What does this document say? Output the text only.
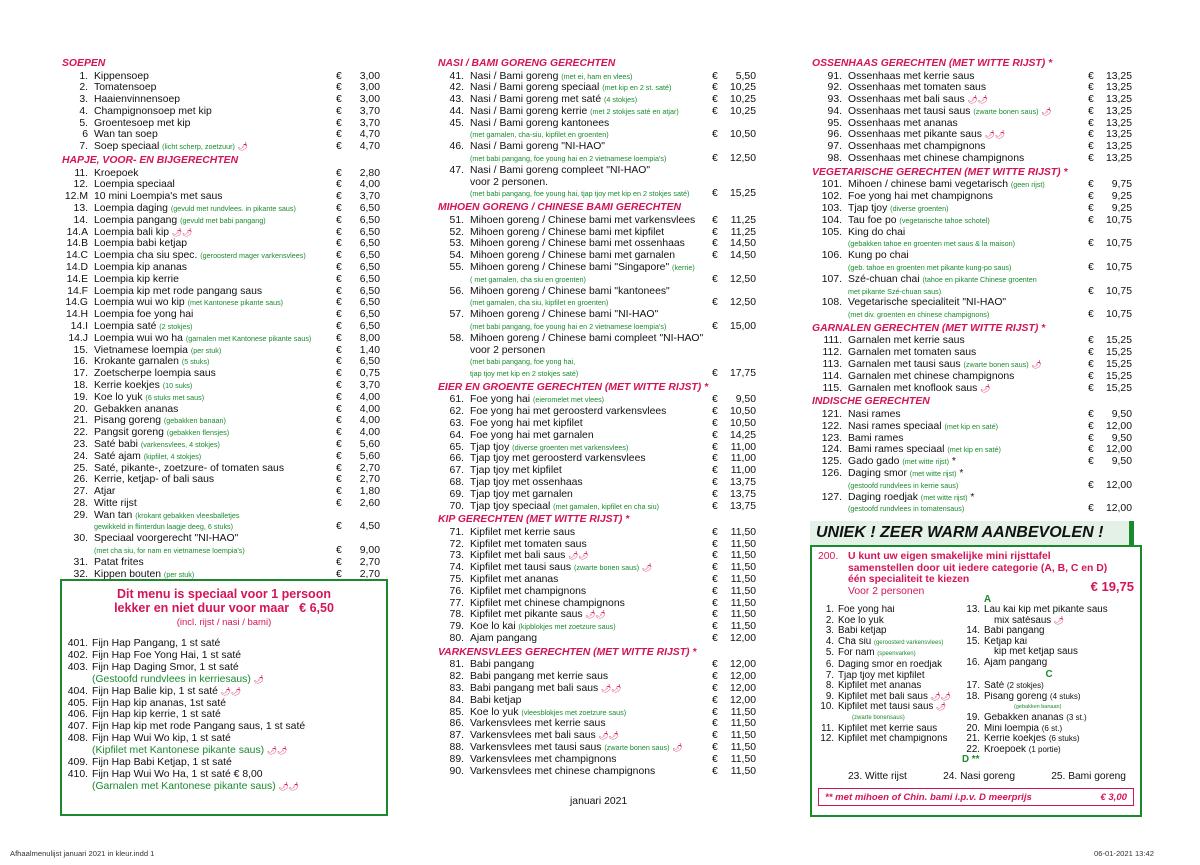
SOEPEN
1. Kippensoep	€ 3,00
2. Tomatensoep	€ 3,00
3. Haaienvinnensoep	€ 3,00
4. Champignonsoep met kip	€ 3,70
5. Groentesoep met kip	€ 3,70
6 Wan tan soep	€ 4,70
7. Soep speciaal (licht scherp, zoetzuur) 🌶	€ 4,70
HAPJE, VOOR- EN BIJGERECHTEN
11. Kroepoek	€ 2,80
12. Loempia speciaal	€ 4,00
12.M 10 mini Loempia's met saus	€ 3,70
13. Loempia daging (gevuld met rundvlees. in pikante saus)	€ 6,50
14. Loempia pangang (gevuld met babi pangang)	€ 6,50
14.A Loempia bali kip 🌶🌶	€ 6,50
14.B Loempia babi ketjap	€ 6,50
14.C Loempia cha siu spec. (geroosterd mager varkensvlees)	€ 6,50
14.D Loempia kip ananas	€ 6,50
14.E Loempia kip kerrie	€ 6,50
14.F Loempia kip met rode pangang saus	€ 6,50
14.G Loempia wui wo kip (met Kantonese pikante saus)	€ 6,50
14.H Loempia foe yong hai	€ 6,50
14.I Loempia saté (2 stokjes)	€ 6,50
14.J Loempia wui wo ha (garnalen met Kantonese pikante saus)	€ 8,00
15. Vietnamese loempia (per stuk)	€ 1,40
16. Krokante garnalen (5 stuks)	€ 6,50
17. Zoetscherpe loempia saus	€ 0,75
18. Kerrie koekjes (10 suks)	€ 3,70
19. Koe lo yuk (6 stuks met saus)	€ 4,00
20. Gebakken ananas	€ 4,00
21. Pisang goreng (gebakken banaan)	€ 4,00
22. Pangsit goreng (gebakken flensjes)	€ 4,00
23. Saté babi (varkensvlees, 4 stokjes)	€ 5,60
24. Saté ajam (kipfilet, 4 stokjes)	€ 5,60
25. Saté, pikante-, zoetzure- of tomaten saus	€ 2,70
26. Kerrie, ketjap- of bali saus	€ 2,70
27. Atjar	€ 1,80
28. Witte rijst	€ 2,60
29. Wan tan (krokant gebakken vleesballetjes
gewikkeld in flinterdun laagje deeg, 6 stuks)	€ 4,50
30. Speciaal voorgerecht "NI-HAO"
(met cha siu, for nam en vietnamese loempia's)	€ 9,00
31. Patat frites	€ 2,70
32. Kippen bouten (per stuk)	€ 2,70
Dit menu is speciaal voor 1 persoon
lekker en niet duur voor maar € 6,50
(incl. rijst / nasi / bami)
401. Fijn Hap Pangang, 1 st saté
402. Fijn Hap Foe Yong Hai, 1 st saté
403. Fijn Hap Daging Smor, 1 st saté
(Gestoofd rundvlees in kerriesaus) 🌶
404. Fijn Hap Balie kip, 1 st saté 🌶🌶
405. Fijn Hap kip ananas, 1st saté
406. Fijn Hap kip kerrie, 1 st saté
407. Fijn Hap kip met rode Pangang saus, 1 st saté
408. Fijn Hap Wui Wo kip, 1 st saté
(Kipfilet met Kantonese pikante saus) 🌶🌶
409. Fijn Hap Babi Ketjap, 1 st saté
410. Fijn Hap Wui Wo Ha, 1 st saté € 8,00
(Garnalen met Kantonese pikante saus) 🌶🌶
NASI / BAMI GORENG GERECHTEN
41. Nasi / Bami goreng (met ei, ham en vlees)	€ 5,50
42. Nasi / Bami goreng speciaal (met kip en 2 st. saté)	€ 10,25
43. Nasi / Bami goreng met saté (4 stokjes)	€ 10,25
44. Nasi / Bami goreng kerrie (met 2 stokjes saté en atjar)	€ 10,25
45. Nasi / Bami goreng kantonees
(met garnalen, cha-siu, kipfilet en groenten)	€ 10,50
46. Nasi / Bami goreng "NI-HAO"
(met babi pangang, foe young hai en 2 vietnamese loempia's)	€ 12,50
47. Nasi / Bami goreng compleet "NI-HAO"
voor 2 personen.
(met babi pangang, foe young hai, tjap tjoy met kip en 2 stokjes saté)	€ 15,25
MIHOEN GORENG / CHINESE BAMI GERECHTEN
51. Mihoen goreng / Chinese bami met varkensvlees	€ 11,25
52. Mihoen goreng / Chinese bami met kipfilet	€ 11,25
53. Mihoen goreng / Chinese bami met ossenhaas	€ 14,50
54. Mihoen goreng / Chinese bami met garnalen	€ 14,50
55. Mihoen goreng / Chinese bami "Singapore" (kerrie)
( met garnalen, cha siu en groenten)	€ 12,50
56. Mihoen goreng / Chinese bami "kantonees"
(met garnalen, cha siu, kipfilet en groenten)	€ 12,50
57. Mihoen goreng / Chinese bami "NI-HAO"
(met babi pangang, foe young hai en 2 vietnamese loempia's)	€ 15,00
58. Mihoen goreng / Chinese bami compleet "NI-HAO"
voor 2 personen
(met babi pangang, foe yong hai,
tjap tjoy met kip en 2 stokjes saté)	€ 17,75
EIER EN GROENTE GERECHTEN (MET WITTE RIJST) *
61. Foe yong hai (eieromelet met vlees)	€ 9,50
62. Foe yong hai met geroosterd varkensvlees	€ 10,50
63. Foe yong hai met kipfilet	€ 10,50
64. Foe yong hai met garnalen	€ 14,25
65. Tjap tjoy (diverse groenten met varkensvlees)	€ 11,00
66. Tjap tjoy met geroosterd varkensvlees	€ 11,00
67. Tjap tjoy met kipfilet	€ 11,00
68. Tjap tjoy met ossenhaas	€ 13,75
69. Tjap tjoy met garnalen	€ 13,75
70. Tjap tjoy speciaal (met garnalen, kipfilet en cha siu)	€ 13,75
KIP GERECHTEN (MET WITTE RIJST) *
71. Kipfilet met kerrie saus	€ 11,50
72. Kipfilet met tomaten saus	€ 11,50
73. Kipfilet met bali saus 🌶🌶	€ 11,50
74. Kipfilet met tausi saus (zwarte bonen saus) 🌶	€ 11,50
75. Kipfilet met ananas	€ 11,50
76. Kipfilet met champignons	€ 11,50
77. Kipfilet met chinese champignons	€ 11,50
78. Kipfilet met pikante saus 🌶🌶	€ 11,50
79. Koe lo kai (kipblokjes met zoetzure saus)	€ 11,50
80. Ajam pangang	€ 12,00
VARKENSVLEES GERECHTEN (MET WITTE RIJST) *
81. Babi pangang	€ 12,00
82. Babi pangang met kerrie saus	€ 12,00
83. Babi pangang met bali saus 🌶🌶	€ 12,00
84. Babi ketjap	€ 12,00
85. Koe lo yuk (vleesblokjes met zoetzure saus)	€ 11,50
86. Varkensvlees met kerrie saus	€ 11,50
87. Varkensvlees met bali saus 🌶🌶	€ 11,50
88. Varkensvlees met tausi saus (zwarte bonen saus) 🌶	€ 11,50
89. Varkensvlees met champignons	€ 11,50
90. Varkensvlees met chinese champignons	€ 11,50
januari 2021
OSSENHAAS GERECHTEN (MET WITTE RIJST) *
91. Ossenhaas met kerrie saus	€ 13,25
92. Ossenhaas met tomaten saus	€ 13,25
93. Ossenhaas met bali saus 🌶🌶	€ 13,25
94. Ossenhaas met tausi saus (zwarte bonen saus) 🌶	€ 13,25
95. Ossenhaas met ananas	€ 13,25
96. Ossenhaas met pikante saus 🌶🌶	€ 13,25
97. Ossenhaas met champignons	€ 13,25
98. Ossenhaas met chinese champignons	€ 13,25
VEGETARISCHE GERECHTEN (MET WITTE RIJST) *
101. Mihoen / chinese bami vegetarisch (geen rijst)	€ 9,75
102. Foe yong hai met champignons	€ 9,25
103. Tjap tjoy (diverse groenten)	€ 9,25
104. Tau foe po (vegetarische tahoe schotel)	€ 10,75
105. King do chai
(gebakken tahoe en groenten met saus & la maison)	€ 10,75
106. Kung po chai
(geb. tahoe en groenten met pikante kung-po saus)	€ 10,75
107. Szé-chuan chai (tahoe en pikante Chinese groenten
met pikante Szé-chuan saus)	€ 10,75
108. Vegetarische specialiteit "NI-HAO"
(met div. groenten en chinese champignons)	€ 10,75
GARNALEN GERECHTEN (MET WITTE RIJST) *
111. Garnalen met kerrie saus	€ 15,25
112. Garnalen met tomaten saus	€ 15,25
113. Garnalen met tausi saus (zwarte bonen saus) 🌶	€ 15,25
114. Garnalen met chinese champignons	€ 15,25
115. Garnalen met knoflook saus 🌶	€ 15,25
INDISCHE GERECHTEN
121. Nasi rames	€ 9,50
122. Nasi rames speciaal (met kip en saté)	€ 12,00
123. Bami rames	€ 9,50
124. Bami rames speciaal (met kip en saté)	€ 12,00
125. Gado gado (met witte rijst) *	€ 9,50
126. Daging smor (met witte rijst) *
(gestoofd rundvlees in kerrie saus)	€ 12,00
127. Daging roedjak (met witte rijst) *
(gestoofd rundvlees in tomatensaus)	€ 12,00
UNIEK ! ZEER WARM AANBEVOLEN !
200. U kunt uw eigen smakelijke mini rijsttafel
samenstellen door uit iedere categorie (A, B, C en D)
één specialiteit te kiezen
Voor 2 personen	€ 19,75
A
1. Foe yong hai
2. Koe lo yuk
3. Babi ketjap
4. Cha siu (geroosterd varkensvlees)
5. For nam (speenvarken)
6. Daging smor en roedjak
7. Tjap tjoy met kipfilet
8. Kipfilet met ananas
9. Kipfilet met bali saus 🌶🌶
10. Kipfilet met tausi saus 🌶
(zwarte bonensaus)
11. Kipfilet met kerrie saus
12. Kipfilet met champignons
13. Lau kai kip met pikante saus
mix satésaus 🌶
14. Babi pangang
15. Ketjap kai
kip met ketjap saus
16. Ajam pangang
C
17. Saté (2 stokjes)
18. Pisang goreng (4 stuks)
(gebakken banaan)
19. Gebakken ananas (3 st.)
20. Mini loempia (6 st.)
21. Kerrie koekjes (6 stuks)
22. Kroepoek (1 portie)
D **
23. Witte rijst	24. Nasi goreng	25. Bami goreng
** met mihoen of Chin. bami i.p.v. D meerprijs	€ 3,00
Afhaalmenulijst januari 2021 in kleur.indd 1	06-01-2021 13:42
